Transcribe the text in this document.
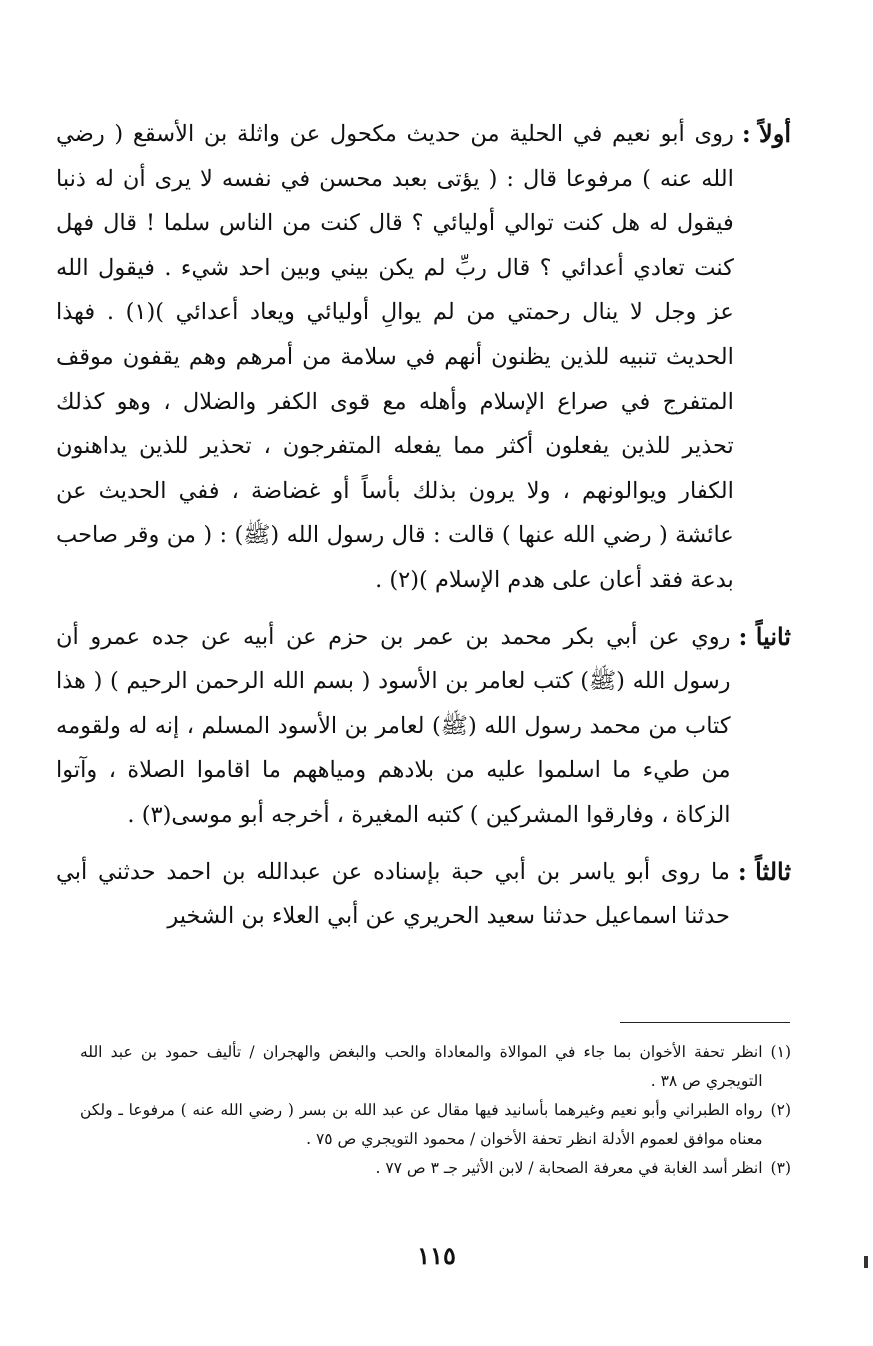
أولاً :
روى أبو نعيم في الحلية من حديث مكحول عن واثلة بن الأسقع ( رضي الله عنه ) مرفوعا قال : ( يؤتى بعبد محسن في نفسه لا يرى أن له ذنبا فيقول له هل كنت توالي أوليائي ؟ قال كنت من الناس سلما ! قال فهل كنت تعادي أعدائي ؟ قال ربِّ لم يكن بيني وبين احد شيء . فيقول الله عز وجل لا ينال رحمتي من لم يوالِ أوليائي ويعاد أعدائي )(١) . فهذا الحديث تنبيه للذين يظنون أنهم في سلامة من أمرهم وهم يقفون موقف المتفرج في صراع الإسلام وأهله مع قوى الكفر والضلال ، وهو كذلك تحذير للذين يفعلون أكثر مما يفعله المتفرجون ، تحذير للذين يداهنون الكفار ويوالونهم ، ولا يرون بذلك بأساً أو غضاضة ، ففي الحديث عن عائشة ( رضي الله عنها ) قالت : قال رسول الله (ﷺ) : ( من وقر صاحب بدعة فقد أعان على هدم الإسلام )(٢) .
ثانياً :
روي عن أبي بكر محمد بن عمر بن حزم عن أبيه عن جده عمرو أن رسول الله (ﷺ) كتب لعامر بن الأسود ( بسم الله الرحمن الرحيم ) ( هذا كتاب من محمد رسول الله (ﷺ) لعامر بن الأسود المسلم ، إنه له ولقومه من طيء ما اسلموا عليه من بلادهم ومياههم ما اقاموا الصلاة ، وآتوا الزكاة ، وفارقوا المشركين ) كتبه المغيرة ، أخرجه أبو موسى(٣) .
ثالثاً :
ما روى أبو ياسر بن أبي حبة بإسناده عن عبدالله بن احمد حدثني أبي حدثنا اسماعيل حدثنا سعيد الحريري عن أبي العلاء بن الشخير
(١)
انظر تحفة الأخوان بما جاء في الموالاة والمعاداة والحب والبغض والهجران / تأليف حمود بن عبد الله التويجري ص ٣٨ .
(٢)
رواه الطبراني وأبو نعيم وغيرهما بأسانيد فيها مقال عن عبد الله بن بسر ( رضي الله عنه ) مرفوعا ـ ولكن معناه موافق لعموم الأدلة انظر تحفة الأخوان / محمود التويجري ص ٧٥ .
(٣)
انظر أسد الغابة في معرفة الصحابة / لابن الأثير جـ ٣ ص ٧٧ .
١١٥
